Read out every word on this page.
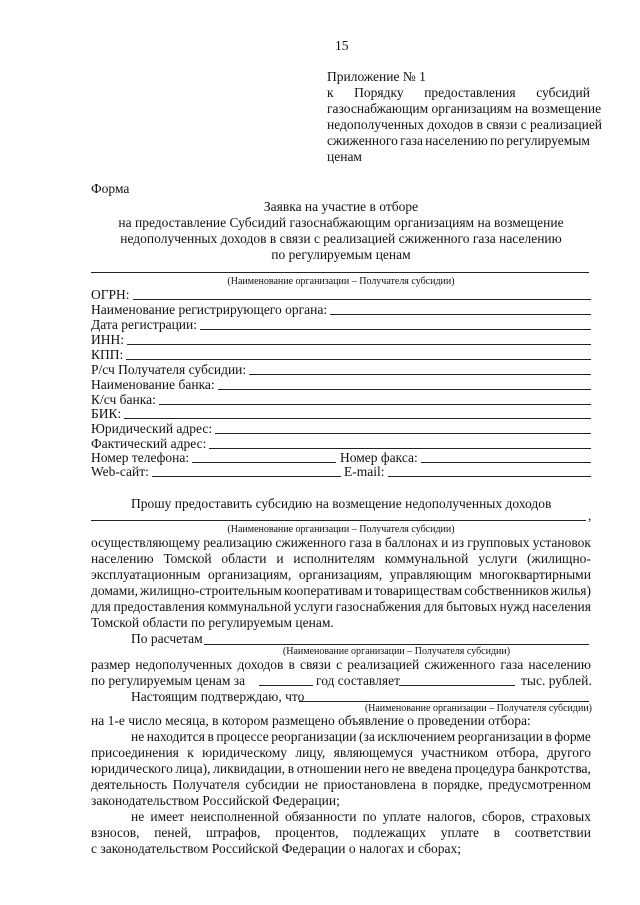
15
Приложение № 1
к Порядку предоставления субсидий
газоснабжающим организациям на возмещение
недополученных доходов в связи с реализацией
сжиженного газа населению по регулируемым
ценам
Форма
Заявка на участие в отборе
на предоставление Субсидий газоснабжающим организациям на возмещение
недополученных доходов в связи с реализацией сжиженного газа населению
по регулируемым ценам
(Наименование организации – Получателя субсидии)
ОГРН:
Наименование регистрирующего органа:
Дата регистрации:
ИНН:
КПП:
Р/сч Получателя субсидии:
Наименование банка:
К/сч банка:
БИК:
Юридический адрес:
Фактический адрес:
Номер телефона:	Номер факса:
Web-сайт:	E-mail:
Прошу предоставить субсидию на возмещение недополученных доходов
,
(Наименование организации – Получателя субсидии)
осуществляющему реализацию сжиженного газа в баллонах и из групповых установок
населению Томской области и исполнителям коммунальной услуги (жилищно-
эксплуатационным организациям, организациям, управляющим многоквартирными
домами, жилищно-строительным кооперативам и товариществам собственников жилья)
для предоставления коммунальной услуги газоснабжения для бытовых нужд населения
Томской области по регулируемым ценам.
По расчетам
(Наименование организации – Получателя субсидии)
размер недополученных доходов в связи с реализацией сжиженного газа населению
по регулируемым ценам за	год составляет	тыс. рублей.
Настоящим подтверждаю, что
(Наименование организации – Получателя субсидии)
на 1-е число месяца, в котором размещено объявление о проведении отбора:
не находится в процессе реорганизации (за исключением реорганизации в форме
присоединения к юридическому лицу, являющемуся участником отбора, другого
юридического лица), ликвидации, в отношении него не введена процедура банкротства,
деятельность Получателя субсидии не приостановлена в порядке, предусмотренном
законодательством Российской Федерации;
не имеет неисполненной обязанности по уплате налогов, сборов, страховых
взносов, пеней, штрафов, процентов, подлежащих уплате в соответствии
с законодательством Российской Федерации о налогах и сборах;
